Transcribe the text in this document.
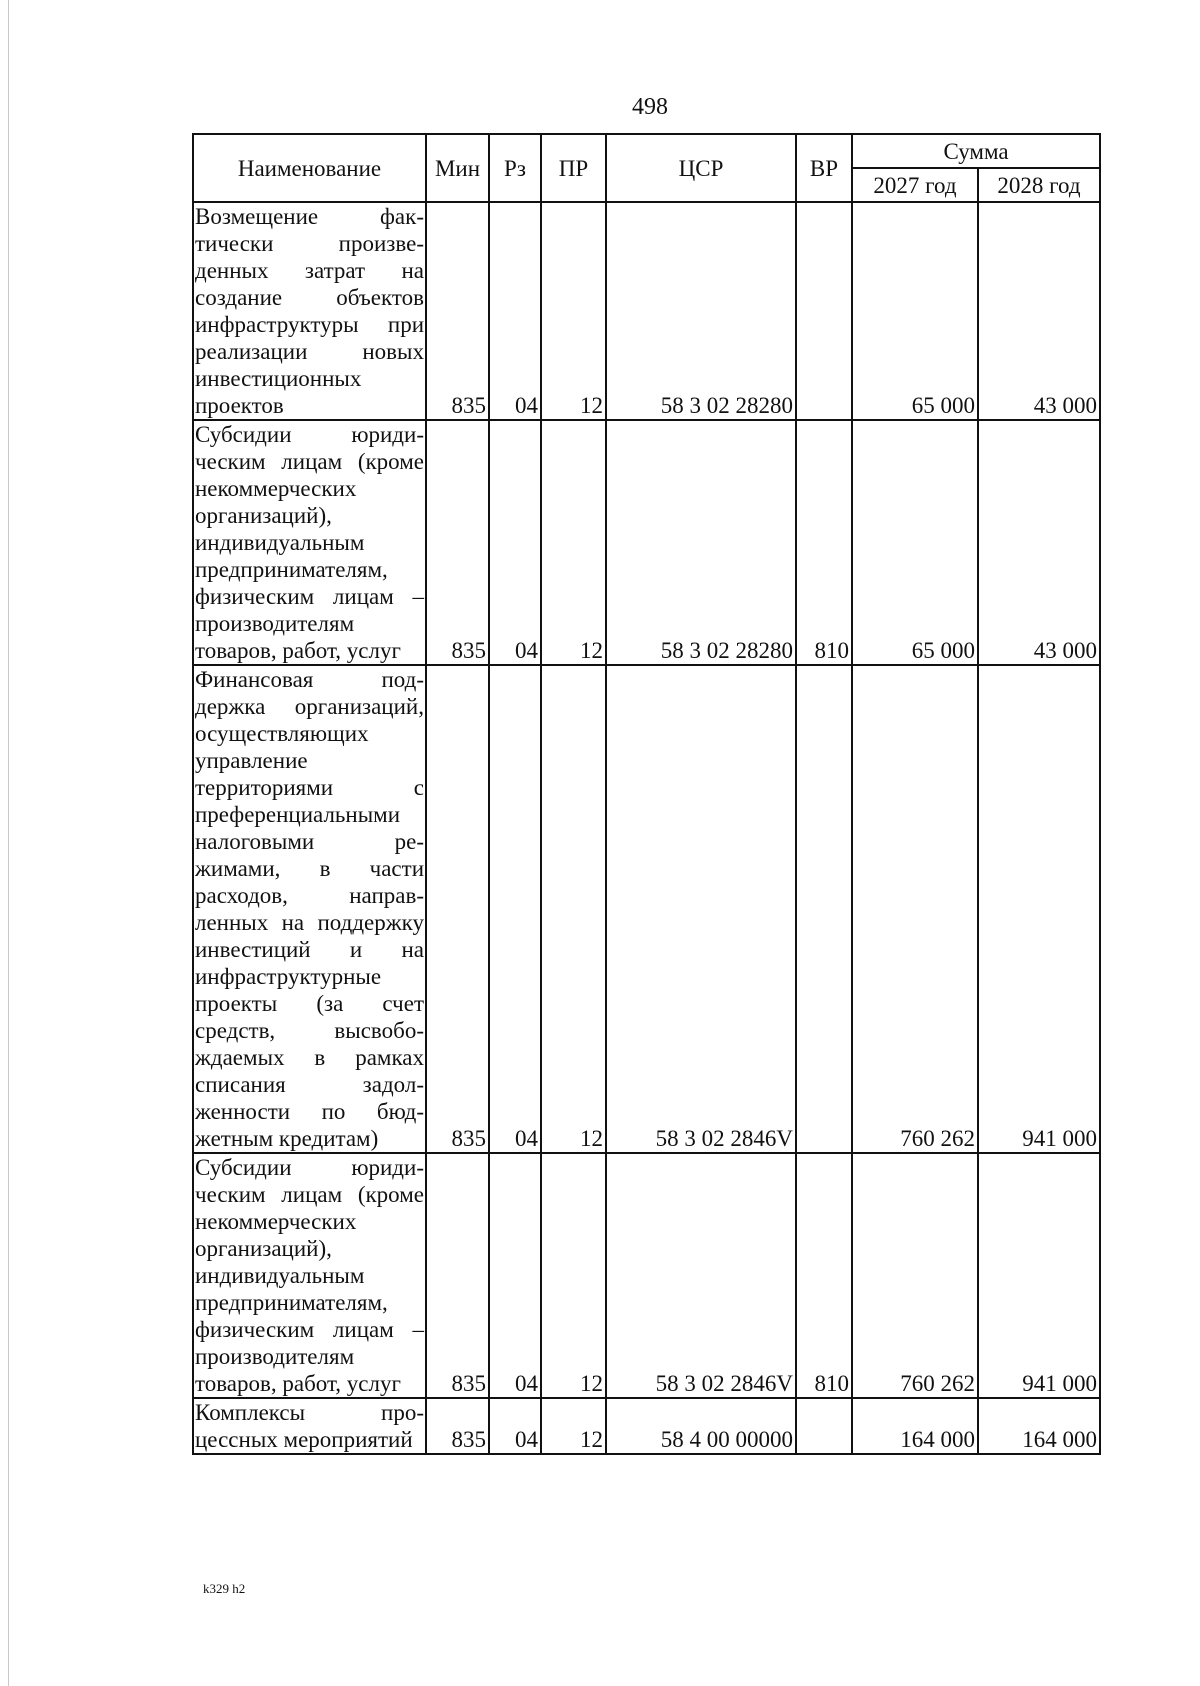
498
Наименование	Мин	Рз	ПР	ЦСР	ВР	Сумма	
						2027 год	2028 год
Возмещение фактически произведенных затрат на создание объектов инфраструктуры при реализации новых инвестиционных проектов	835	04	12	58 3 02 28280		65 000	43 000
Субсидии юридическим лицам (кроме некоммерческих организаций), индивидуальным предпринимателям, физическим лицам – производителям товаров, работ, услуг	835	04	12	58 3 02 28280	810	65 000	43 000
Финансовая поддержка организаций, осуществляющих управление территориями с преференциальными налоговыми режимами, в части расходов, направленных на поддержку инвестиций и на инфраструктурные проекты (за счет средств, высвобождаемых в рамках списания задолженности по бюджетным кредитам)	835	04	12	58 3 02 2846V		760 262	941 000
Субсидии юридическим лицам (кроме некоммерческих организаций), индивидуальным предпринимателям, физическим лицам – производителям товаров, работ, услуг	835	04	12	58 3 02 2846V	810	760 262	941 000
Комплексы процессных мероприятий	835	04	12	58 4 00 00000		164 000	164 000
k329 h2
